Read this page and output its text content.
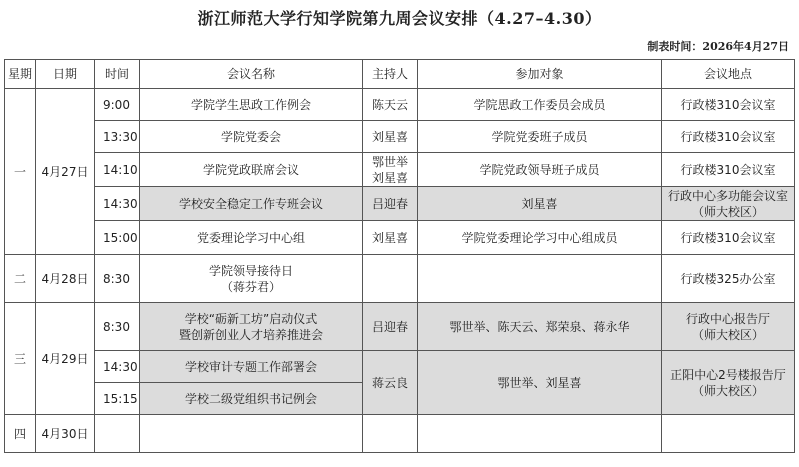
浙江师范大学行知学院第九周会议安排（4.27–4.30）
制表时间：2026年4月27日
星期	日期	时间	会议名称	主持人	参加对象	会议地点
一	4月27日	9:00	学院学生思政工作例会	陈天云	学院思政工作委员会成员	行政楼310会议室
		13:30	学院党委会	刘星喜	学院党委班子成员	行政楼310会议室
		14:10	学院党政联席会议	鄂世举
刘星喜	学院党政领导班子成员	行政楼310会议室
		14:30	学校安全稳定工作专班会议	吕迎春	刘星喜	行政中心多功能会议室
（师大校区）
		15:00	党委理论学习中心组	刘星喜	学院党委理论学习中心组成员	行政楼310会议室
二	4月28日	8:30	学院领导接待日
（蒋芬君）			行政楼325办公室
三	4月29日	8:30	学校“砺新工坊”启动仪式
暨创新创业人才培养推进会	吕迎春	鄂世举、陈天云、郑荣泉、蒋永华	行政中心报告厅
（师大校区）
		14:30	学校审计专题工作部署会	蒋云良	鄂世举、刘星喜	正阳中心2号楼报告厅
（师大校区）
		15:15	学校二级党组织书记例会			
四	4月30日					
